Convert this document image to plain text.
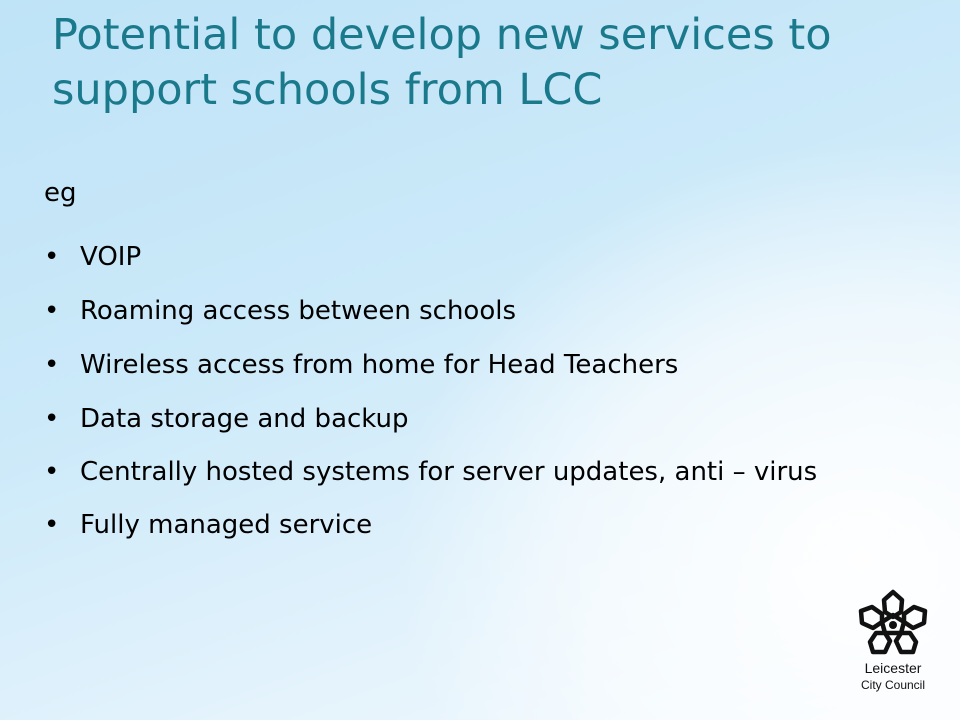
Potential to develop new services to support schools from LCC

eg

• VOIP
• Roaming access between schools
• Wireless access from home for Head Teachers
• Data storage and backup
• Centrally hosted systems for server updates, anti – virus
• Fully managed service
Leicester
City Council
